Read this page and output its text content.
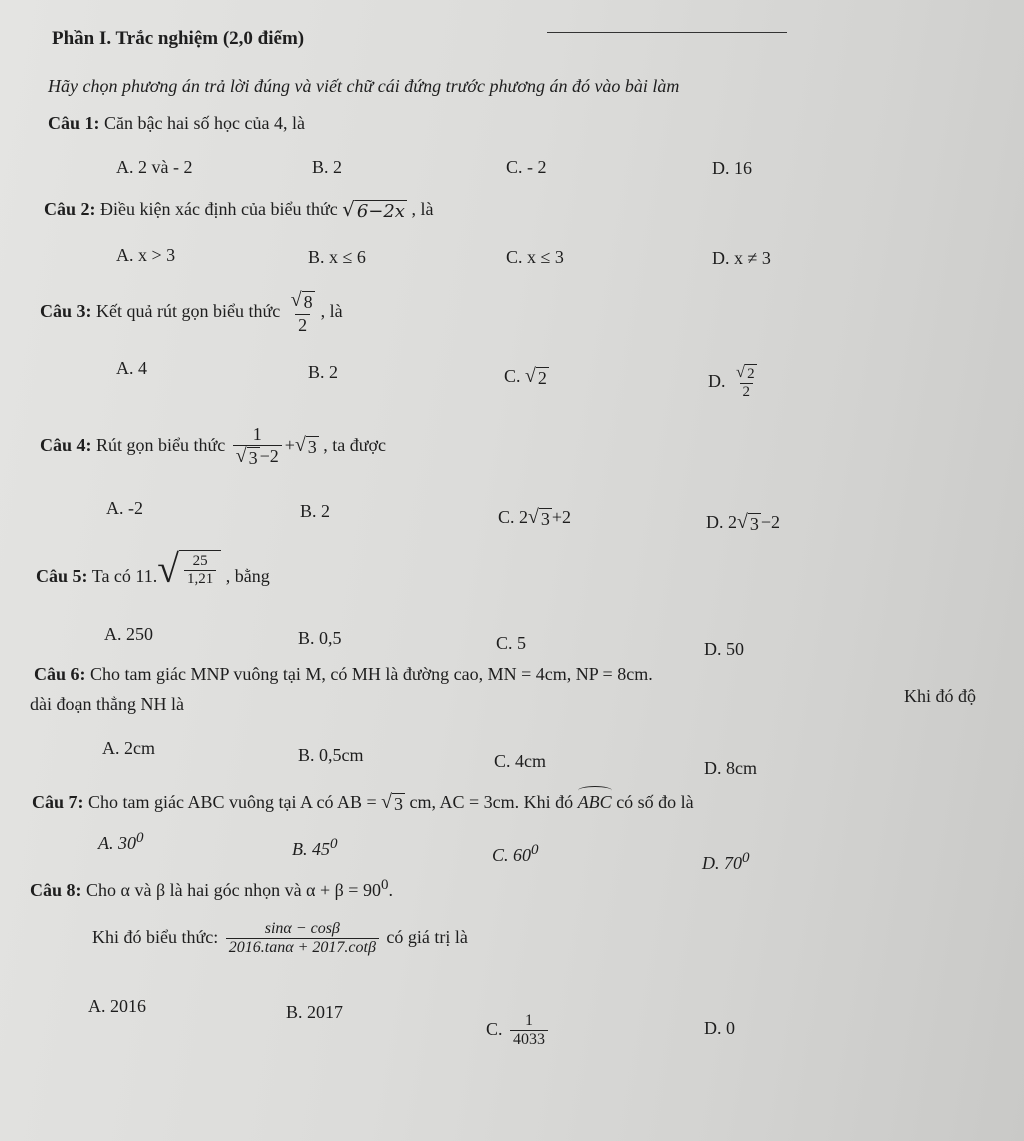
Phần I. Trắc nghiệm (2,0 điểm)
Hãy chọn phương án trả lời đúng và viết chữ cái đứng trước phương án đó vào bài làm
Câu 1: Căn bậc hai số học của 4, là
A. 2 và - 2	B. 2	C. - 2	D. 16
Câu 2: Điều kiện xác định của biểu thức √ 6−2x , là
A. x > 3	B. x ≤ 6	C. x ≤ 3	D. x ≠ 3
Câu 3: Kết quả rút gọn biểu thức $\frac{√ 8}{2}$ , là
A. 4	B. 2	C. √ 2	D. $\frac{√ 2}{2}$
Câu 4: Rút gọn biểu thức $\frac{1}{√ 3 -2}$ + √ 3 , ta được
A. -2	B. 2	C. 2 √ 3 +2	D. 2 √ 3 −2
Câu 5: Ta có 11. √ $\frac{25}{1,21}$ , bằng
A. 250	B. 0,5	C. 5	D. 50
Câu 6: Cho tam giác MNP vuông tại M, có MH là đường cao, MN = 4cm, NP = 8cm.
Khi đó độ
dài đoạn thẳng NH là
A. 2cm	B. 0,5cm	C. 4cm	D. 8cm
Câu 7: Cho tam giác ABC vuông tại A có AB = √ 3 cm, AC = 3cm. Khi đó ABC có số đo là
A. $30^0$
B. $45^0$
C. $60^0$
D. $70^0$
Câu 8: Cho α và β là hai góc nhọn và $\alpha + \beta = 90^0$.
Khi đó biểu thức: $\frac{\sin\alpha - \cos\beta}{2016.\tan\alpha + 2017.\cot\beta}$ có giá trị là
A. 2016	B. 2017
C. $\frac{1}{4033}$	D. 0
